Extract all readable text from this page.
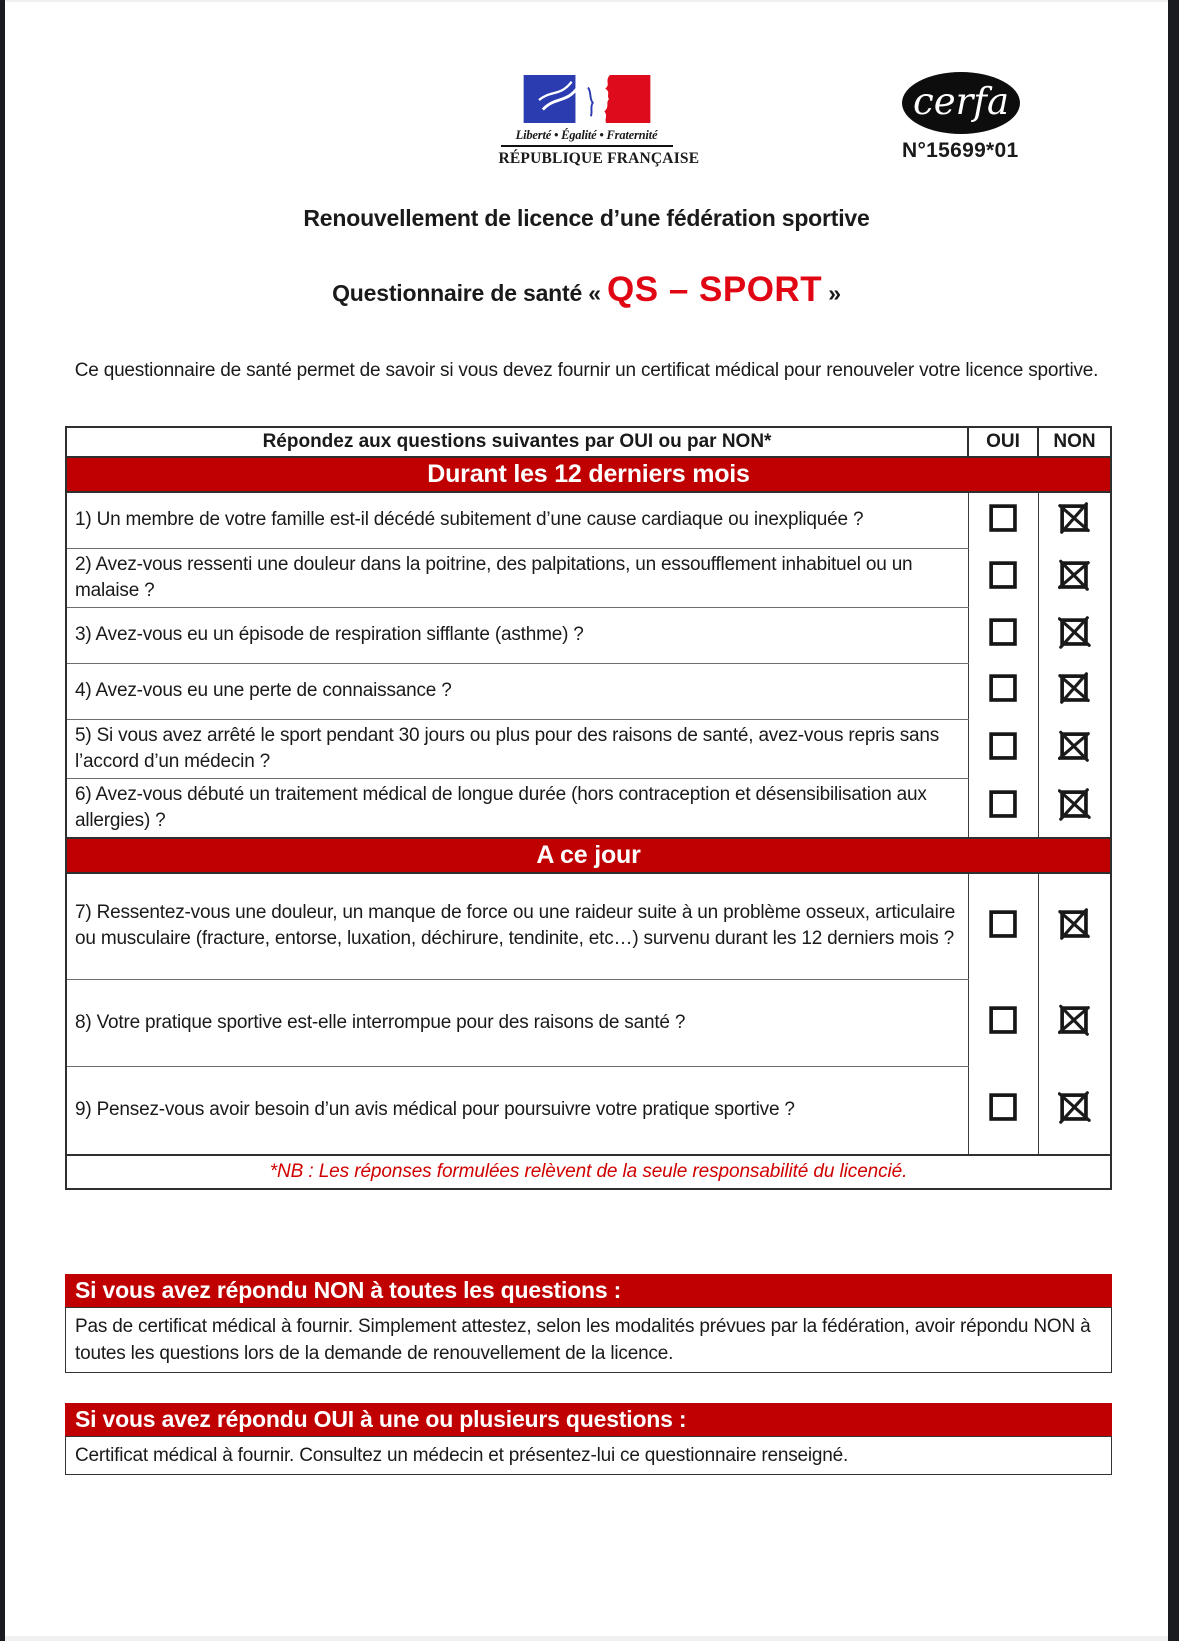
Liberté • Égalité • Fraternité
RÉPUBLIQUE FRANÇAISE
cerfa
N°15699*01
Renouvellement de licence d’une fédération sportive
Questionnaire de santé « QS – SPORT »

Ce questionnaire de santé permet de savoir si vous devez fournir un certificat médical pour renouveler votre licence sportive.

Répondez aux questions suivantes par OUI ou par NON*	OUI	NON
Durant les 12 derniers mois		
1) Un membre de votre famille est-il décédé subitement d’une cause cardiaque ou inexpliquée ?	

2) Avez-vous ressenti une douleur dans la poitrine, des palpitations, un essoufflement inhabituel ou un malaise ?	

3) Avez-vous eu un épisode de respiration sifflante (asthme) ?	

4) Avez-vous eu une perte de connaissance ?	

5) Si vous avez arrêté le sport pendant 30 jours ou plus pour des raisons de santé, avez-vous repris sans l’accord d’un médecin ?	

6) Avez-vous débuté un traitement médical de longue durée (hors contraception et désensibilisation aux allergies) ?	

A ce jour		
7) Ressentez-vous une douleur, un manque de force ou une raideur suite à un problème osseux, articulaire ou musculaire (fracture, entorse, luxation, déchirure, tendinite, etc…) survenu durant les 12 derniers mois ?	

8) Votre pratique sportive est-elle interrompue pour des raisons de santé ?	

9) Pensez-vous avoir besoin d’un avis médical pour poursuivre votre pratique sportive ?	

*NB : Les réponses formulées relèvent de la seule responsabilité du licencié.		
Si vous avez répondu NON à toutes les questions :
Pas de certificat médical à fournir. Simplement attestez, selon les modalités prévues par la fédération, avoir répondu NON à toutes les questions lors de la demande de renouvellement de la licence.
Si vous avez répondu OUI à une ou plusieurs questions :
Certificat médical à fournir. Consultez un médecin et présentez-lui ce questionnaire renseigné.
